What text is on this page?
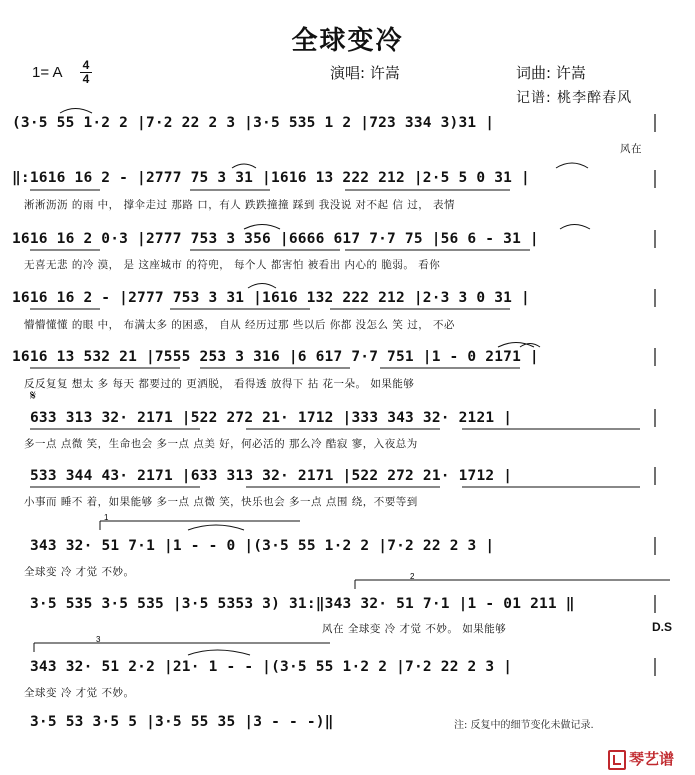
全球变冷
1= A 4
4	演唱: 许嵩	词曲: 许嵩
记谱: 桃李醉春风
(3·5 55 1·2 2 |7·2 22 2 3 |3·5 535 1 2 |723 334 3)31 |
风在
‖:1616 16 2 - |2777 75 3 31 |1616 13 222 212 |2·5 5 0 31 |
淅淅沥沥 的雨 中， 撑伞走过 那路 口，有人 跌跌撞撞 踩到 我没说 对不起 信 过， 表情
1616 16 2 0·3 |2777 753 3 356 |6666 617 7·7 75 |56 6 - 31 |
无喜无悲 的冷 漠， 是 这座城市 的符兜， 每个人 都害怕 被看出 内心的 脆弱。 看你
1616 16 2 - |2777 753 3 31 |1616 132 222 212 |2·3 3 0 31 |
懵懵懂懂 的眼 中， 布满太多 的困惑， 自从 经历过那 些以后 你都 没怎么 笑 过， 不必
1616 13 532 21 |7555 253 3 316 |6 617 7·7 751 |1 - 0 2171 |
反反复复 想太 多 每天 都要过的 更洒脱， 看得透 放得下 拈 花一朵。 如果能够
𝄋
633 313 32· 2171 |522 272 21· 1712 |333 343 32· 2121 |
多一点 点微 笑，生命也会 多一点 点美 好，何必活的 那么冷 酷寂 寥，入夜总为
533 344 43· 2171 |633 313 32· 2171 |522 272 21· 1712 |
小事而 睡不 着，如果能够 多一点 点微 笑，快乐也会 多一点 点围 绕，不要等到
343 32· 51 7·1 |1 - - 0 |(3·5 55 1·2 2 |7·2 22 2 3 |
全球变 冷 才觉 不妙。
3·5 535 3·5 535 |3·5 5353 3) 31:‖343 32· 51 7·1 |1 - 01 211 ‖
风在 全球变 冷 才觉 不妙。 如果能够	D.S
343 32· 51 2·2 |21· 1 - - |(3·5 55 1·2 2 |7·2 22 2 3 |
全球变 冷 才觉 不妙。
3·5 53 3·5 5 |3·5 55 35 |3 - - -)‖
1
2
3
注: 反复中的细节变化未做记录.
琴艺谱
